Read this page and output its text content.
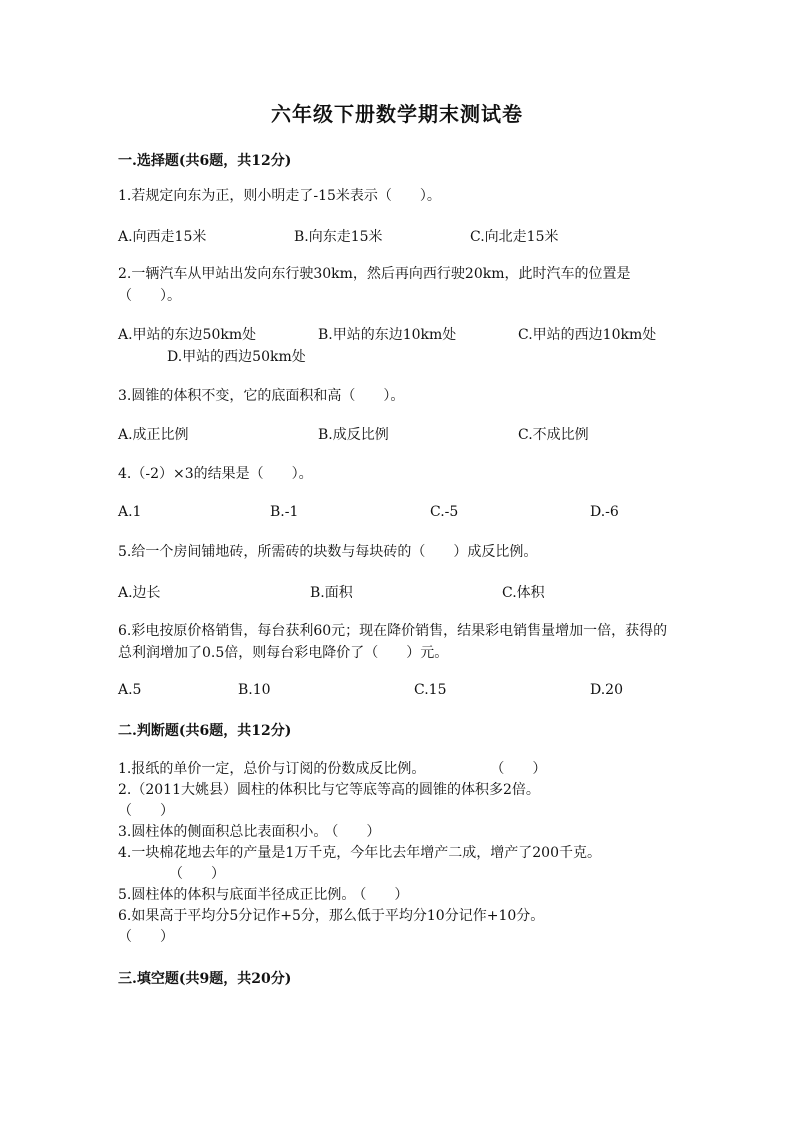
六年级下册数学期末测试卷
一.选择题(共6题，共12分)
1.若规定向东为正，则小明走了-15米表示（　　）。
A.向西走15米	B.向东走15米	C.向北走15米
2.一辆汽车从甲站出发向东行驶30km，然后再向西行驶20km，此时汽车的位置是（　　）。
A.甲站的东边50km处	B.甲站的东边10km处	C.甲站的西边10km处
D.甲站的西边50km处
3.圆锥的体积不变，它的底面积和高（　　）。
A.成正比例	B.成反比例	C.不成比例
4.（-2）×3的结果是（　　）。
A.1	B.-1	C.-5	D.-6
5.给一个房间铺地砖，所需砖的块数与每块砖的（　　）成反比例。
A.边长	B.面积	C.体积
6.彩电按原价格销售，每台获利60元；现在降价销售，结果彩电销售量增加一倍，获得的总利润增加了0.5倍，则每台彩电降价了（　　）元。
A.5	B.10	C.15	D.20
二.判断题(共6题，共12分)
1.报纸的单价一定，总价与订阅的份数成反比例。	（　　）
2.（2011大姚县）圆柱的体积比与它等底等高的圆锥的体积多2倍。
（　　）
3.圆柱体的侧面积总比表面积小。 （　　）
4.一块棉花地去年的产量是1万千克，今年比去年增产二成，增产了200千克。（　　）
5.圆柱体的体积与底面半径成正比例。 （　　）
6.如果高于平均分5分记作+5分，那么低于平均分10分记作+10分。
（　　）
三.填空题(共9题，共20分)
